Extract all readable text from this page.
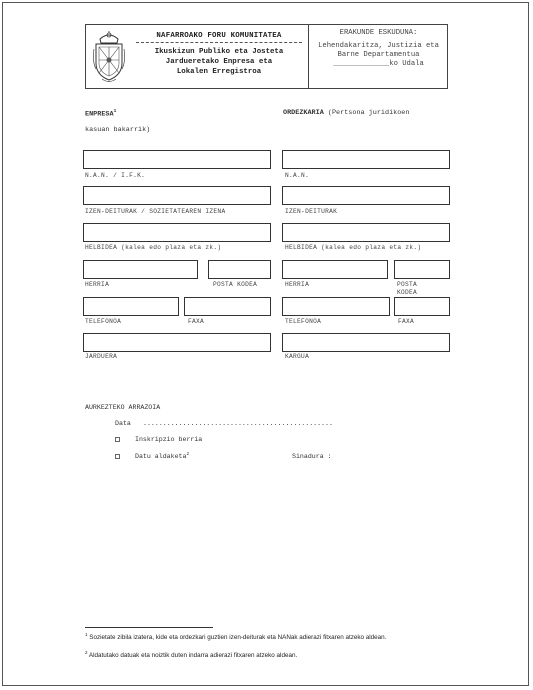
NAFARROAKO FORU KOMUNITATEA
Ikuskizun Publiko eta Josteta
Jarduеretako Enpresa eta
Lokalen Erregistroa
ERAKUNDE ESKUDUNA:
Lehendakaritza, Justizia eta
Barne Departamentua
_____________ko Udala
ENPRESA$^1$	ORDEZKARIA (Pertsona juridikoen
kasuan bakarrik)
N.A.N. / I.F.K.	N.A.N.
IZEN-DEITURAK / SOZIETATEAREN IZENA	IZEN-DEITURAK
HELBIDEA (kalea edo plaza eta zk.)	HELBIDEA (kalea edo plaza eta zk.)
HERRIA	POSTA KODEA	HERRIA	POSTA
KODEA
TELEFONOA	FAXA	TELEFONOA	FAXA
JARDUERA	KARGUA
AURKEZTEKO ARRAZOIA
Data ................................................
Inskripzio berria
Datu aldaketa$^2$	Sinadura :
$^1$ Sozietate zibila izatera, kide eta ordezkari guztien izen-deiturak eta NANak adierazi fitxaren atzeko aldean.
$^2$ Aldatutako datuak eta noiztik duten indarra adierazi fitxaren atzeko aldean.
